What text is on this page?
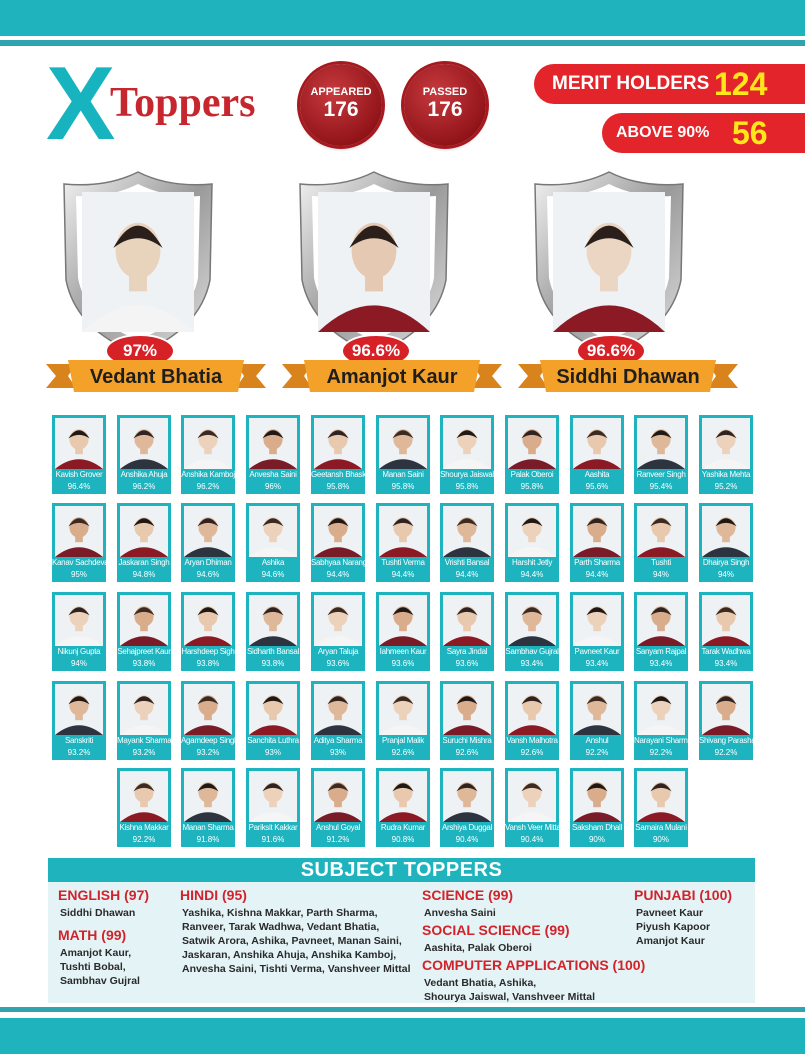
X
Toppers	APPEARED
176
PASSED
176
MERIT HOLDERS 124
ABOVE 90% 56
97%
Vedant Bhatia
96.6%
Amanjot Kaur
96.6%
Siddhi Dhawan
Kavish Grover
96.4%
Anshika Ahuja
96.2%
Anshika Kamboj
96.2%
Anvesha Saini
96%
Geetansh Bhaskar
95.8%
Manan Saini
95.8%
Shourya Jaiswal
95.8%
Palak Oberoi
95.8%
Aashita
95.6%
Ranveer Singh
95.4%
Yashika Mehta
95.2%
Kanav Sachdeva
95%
Jaskaran Singh
94.8%
Aryan Dhiman
94.6%
Ashika
94.6%
Sabhyaa Narang
94.4%
Tushti Verma
94.4%
Vrishti Bansal
94.4%
Harshit Jetly
94.4%
Parth Sharma
94.4%
Tushti
94%
Dhairya Singh
94%
Nikunj Gupta
94%
Sehajpreet Kaur
93.8%
Harshdeep Sigh
93.8%
Sidharth Bansal
93.8%
Aryan Taluja
93.6%
Iahmeen Kaur
93.6%
Sayra Jindal
93.6%
Sambhav Gujral
93.4%
Pavneet Kaur
93.4%
Sanyam Rajpal
93.4%
Tarak Wadhwa
93.4%
Sanskriti
93.2%
Mayank Sharma
93.2%
Agamdeep Singh
93.2%
Sanchita Luthra
93%
Aditya Sharma
93%
Pranjal Malik
92.6%
Suruchi Mishra
92.6%
Vansh Malhotra
92.6%
Anshul
92.2%
Narayani Sharma
92.2%
Shivang Parashar
92.2%
Kishna Makkar
92.2%
Manan Sharma
91.8%
Pariksit Kakkar
91.6%
Anshul Goyal
91.2%
Rudra Kumar
90.8%
Arshiya Duggal
90.4%
Vansh Veer Mittal
90.4%
Saksham Dhall
90%
Samaira Mulani
90%
SUBJECT TOPPERS
ENGLISH (97)
Siddhi Dhawan
MATH (99)
Amanjot Kaur,
Tushti Bobal,
Sambhav Gujral
HINDI (95)
Yashika, Kishna Makkar, Parth Sharma,
Ranveer, Tarak Wadhwa, Vedant Bhatia,
Satwik Arora, Ashika, Pavneet, Manan Saini,
Jaskaran, Anshika Ahuja, Anshika Kamboj,
Anvesha Saini, Tishti Verma, Vanshveer Mittal
SCIENCE (99)
Anvesha Saini
SOCIAL SCIENCE (99)
Aashita, Palak Oberoi
COMPUTER APPLICATIONS (100)
Vedant Bhatia, Ashika,
Shourya Jaiswal, Vanshveer Mittal
PUNJABI (100)
Pavneet Kaur
Piyush Kapoor
Amanjot Kaur
